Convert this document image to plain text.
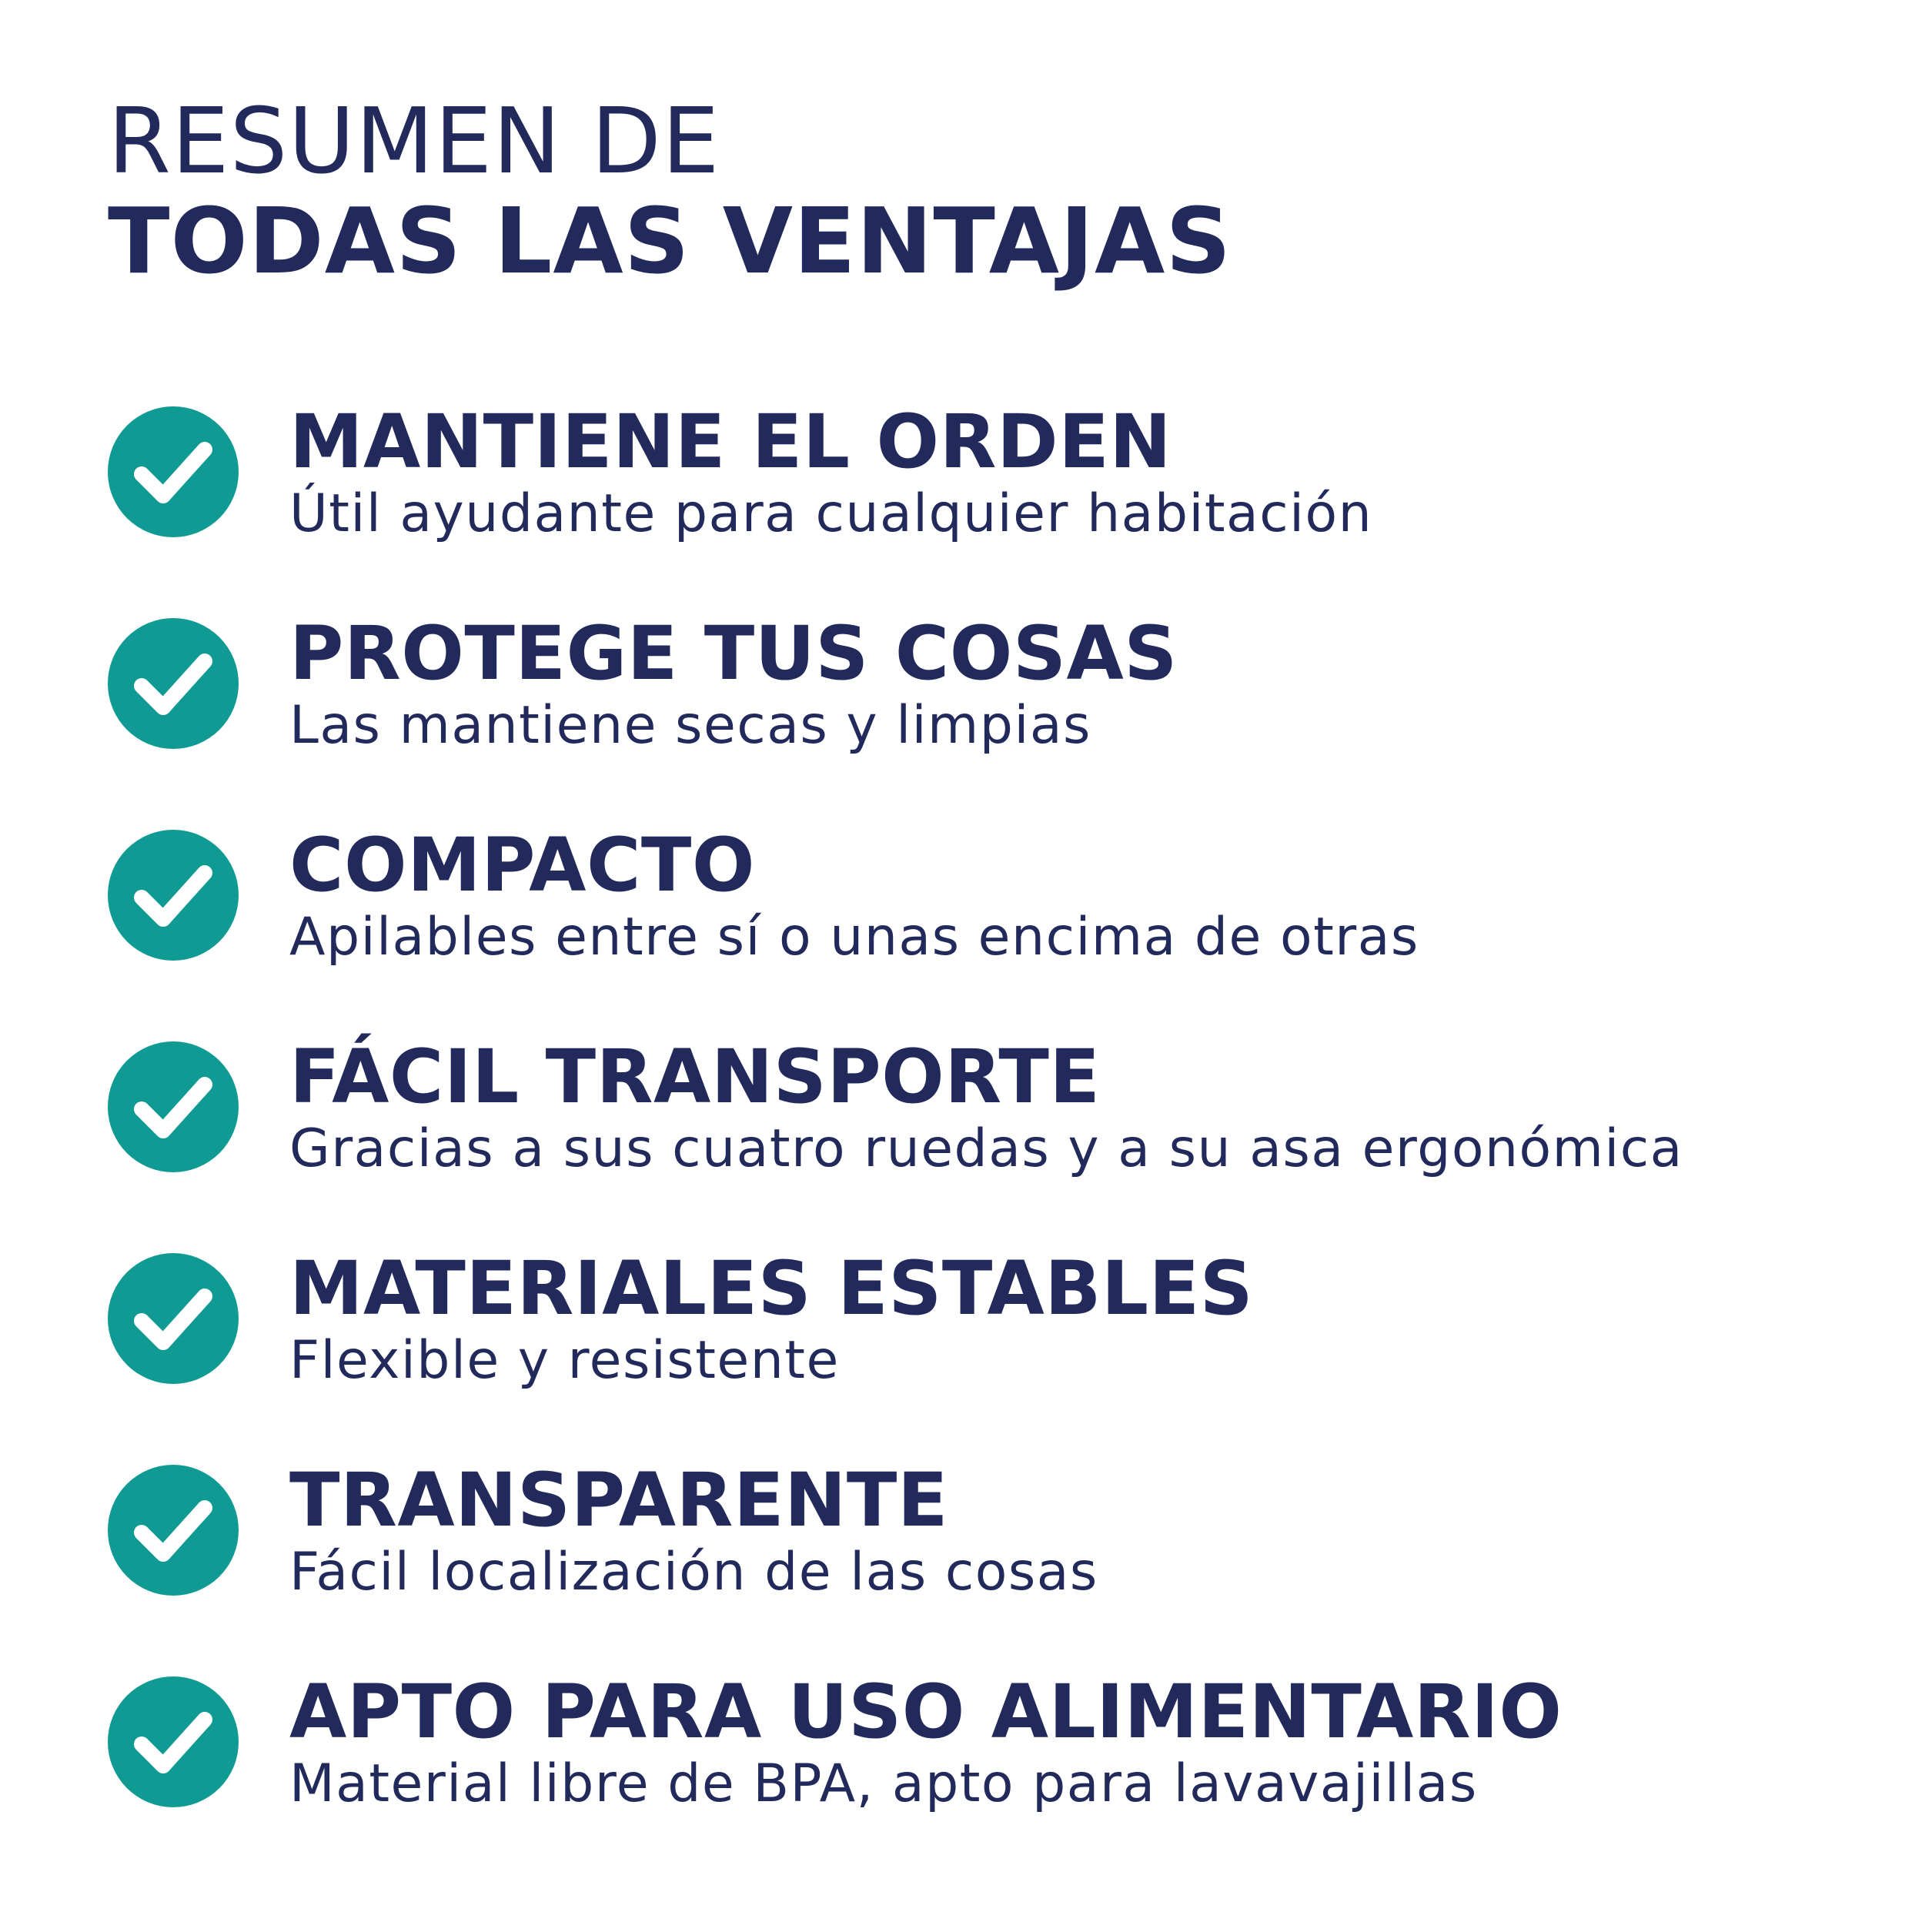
RESUMEN DE
TODAS LAS VENTAJAS
MANTIENE EL ORDEN
Útil ayudante para cualquier habitación
PROTEGE TUS COSAS
Las mantiene secas y limpias
COMPACTO
Apilables entre sí o unas encima de otras
FÁCIL TRANSPORTE
Gracias a sus cuatro ruedas y a su asa ergonómica
MATERIALES ESTABLES
Flexible y resistente
TRANSPARENTE
Fácil localización de las cosas
APTO PARA USO ALIMENTARIO
Material libre de BPA, apto para lavavajillas
